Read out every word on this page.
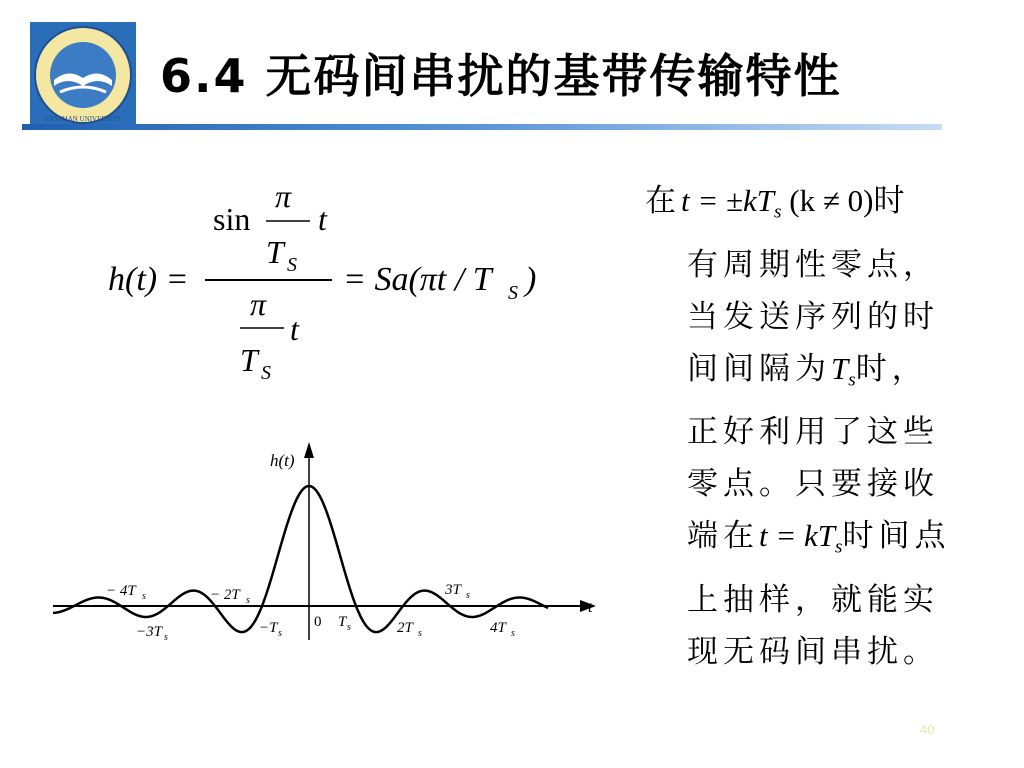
YANSHAN UNIVERSITY
6.4 无码间串扰的基带传输特性
h(t) =
sin
π
T S
t
π
T S
t
= Sa(πt / T S )
h(t)
t
− 4T s	− 2T s
3T s
−3T s
−T s
0 T s	2T s	4T s
在$t = \pm kT_s$ (k ≠ 0)时
有周期性零点，
当发送序列的时
间间隔为$T_s$时，
正好利用了这些
零点。只要接收
端在$t = kT_s$时间点
上抽样，就能实
现无码间串扰。
40
